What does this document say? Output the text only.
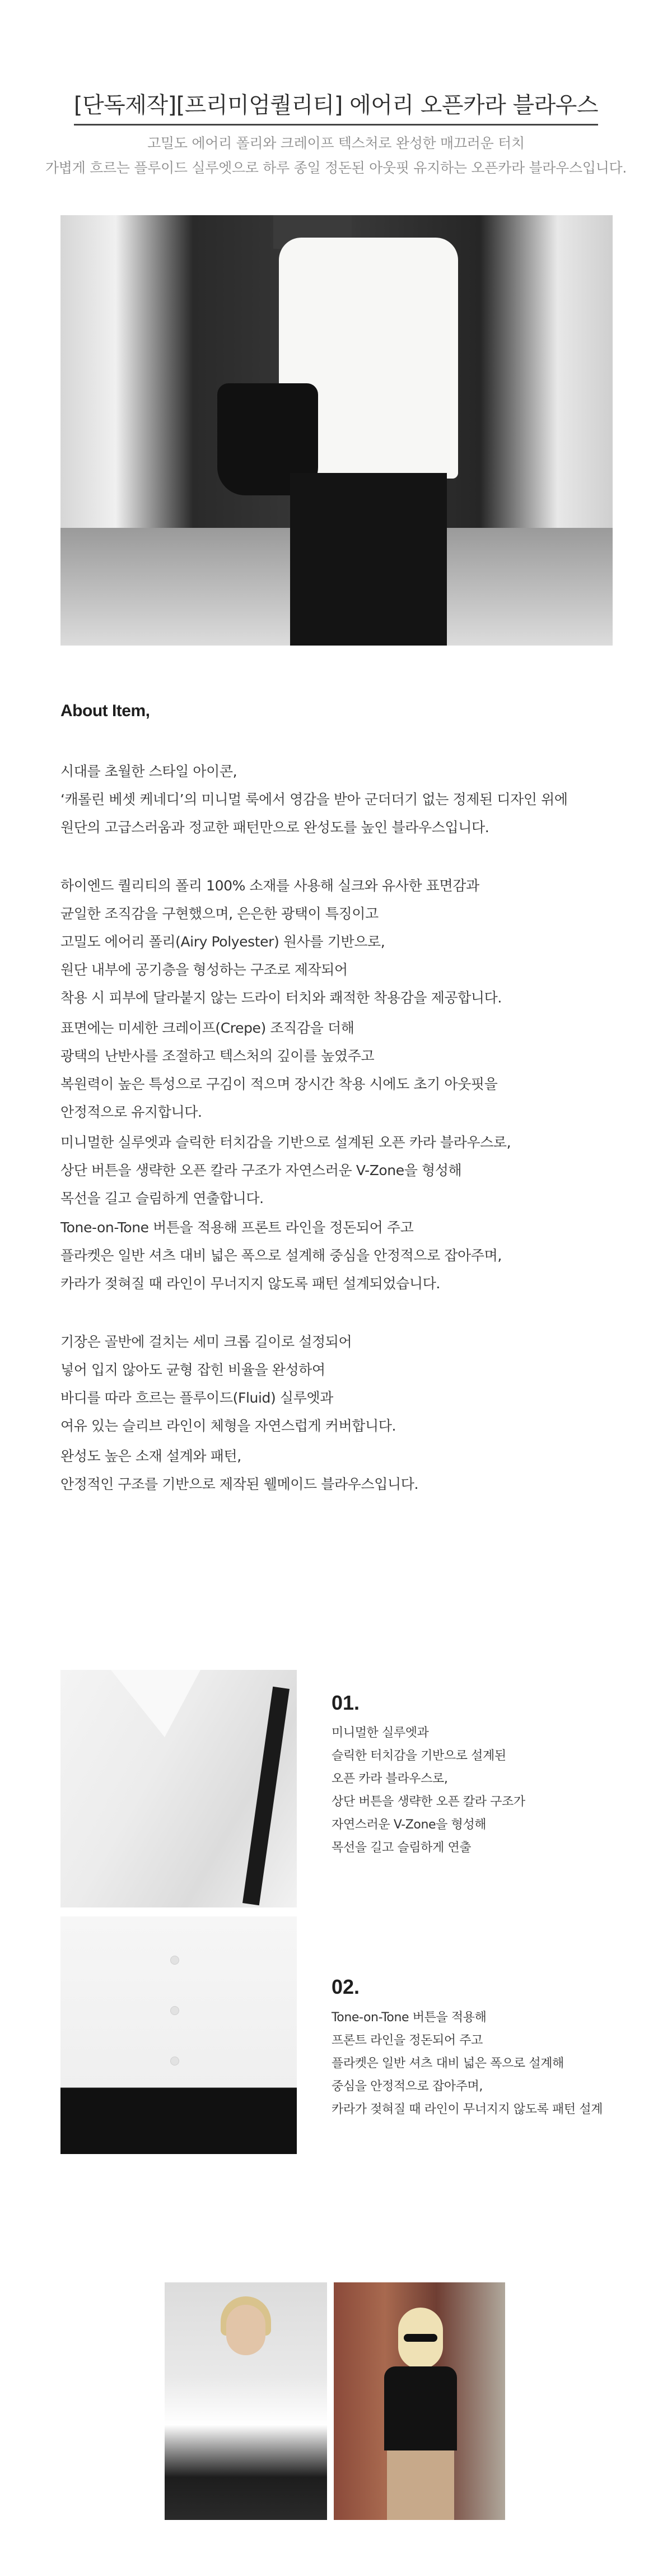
[단독제작][프리미엄퀄리티] 에어리 오픈카라 블라우스
고밀도 에어리 폴리와 크레이프 텍스처로 완성한 매끄러운 터치
가볍게 흐르는 플루이드 실루엣으로 하루 종일 정돈된 아웃핏 유지하는 오픈카라 블라우스입니다.
About Item,
시대를 초월한 스타일 아이콘,
‘캐롤린 베셋 케네디’의 미니멀 룩에서 영감을 받아 군더더기 없는 정제된 디자인 위에
원단의 고급스러움과 정교한 패턴만으로 완성도를 높인 블라우스입니다.
하이엔드 퀄리티의 폴리 100% 소재를 사용해 실크와 유사한 표면감과
균일한 조직감을 구현했으며, 은은한 광택이 특징이고
고밀도 에어리 폴리(Airy Polyester) 원사를 기반으로,
원단 내부에 공기층을 형성하는 구조로 제작되어
착용 시 피부에 달라붙지 않는 드라이 터치와 쾌적한 착용감을 제공합니다.
표면에는 미세한 크레이프(Crepe) 조직감을 더해
광택의 난반사를 조절하고 텍스처의 깊이를 높였주고
복원력이 높은 특성으로 구김이 적으며 장시간 착용 시에도 초기 아웃핏을
안정적으로 유지합니다.
미니멀한 실루엣과 슬릭한 터치감을 기반으로 설계된 오픈 카라 블라우스로,
상단 버튼을 생략한 오픈 칼라 구조가 자연스러운 V-Zone을 형성해
목선을 길고 슬림하게 연출합니다.
Tone-on-Tone 버튼을 적용해 프론트 라인을 정돈되어 주고
플라켓은 일반 셔츠 대비 넓은 폭으로 설계해 중심을 안정적으로 잡아주며,
카라가 젖혀질 때 라인이 무너지지 않도록 패턴 설계되었습니다.
기장은 골반에 걸치는 세미 크롭 길이로 설정되어
넣어 입지 않아도 균형 잡힌 비율을 완성하여
바디를 따라 흐르는 플루이드(Fluid) 실루엣과
여유 있는 슬리브 라인이 체형을 자연스럽게 커버합니다.
완성도 높은 소재 설계와 패턴,
안정적인 구조를 기반으로 제작된 웰메이드 블라우스입니다.
01.
미니멀한 실루엣과
슬릭한 터치감을 기반으로 설계된
오픈 카라 블라우스로,
상단 버튼을 생략한 오픈 칼라 구조가
자연스러운 V-Zone을 형성해
목선을 길고 슬림하게 연출
02.
Tone-on-Tone 버튼을 적용해
프론트 라인을 정돈되어 주고
플라켓은 일반 셔츠 대비 넓은 폭으로 설계해
중심을 안정적으로 잡아주며,
카라가 젖혀질 때 라인이 무너지지 않도록 패턴 설계
